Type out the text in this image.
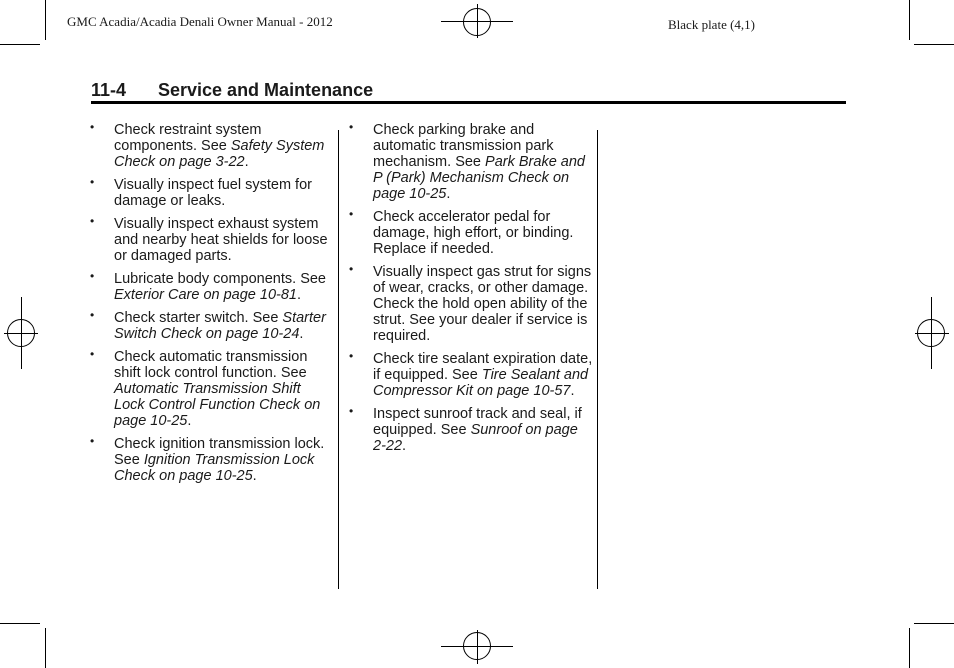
GMC Acadia/Acadia Denali Owner Manual - 2012	Black plate (4,1)
11-4 Service and Maintenance
• Check restraint system components. See Safety System Check on page 3-22.
• Visually inspect fuel system for damage or leaks.
• Visually inspect exhaust system and nearby heat shields for loose or damaged parts.
• Lubricate body components. See Exterior Care on page 10-81.
• Check starter switch. See Starter Switch Check on page 10-24.
• Check automatic transmission shift lock control function. See Automatic Transmission Shift Lock Control Function Check on page 10-25.
• Check ignition transmission lock. See Ignition Transmission Lock Check on page 10-25.
• Check parking brake and automatic transmission park mechanism. See Park Brake and P (Park) Mechanism Check on page 10-25.
• Check accelerator pedal for damage, high effort, or binding. Replace if needed.
• Visually inspect gas strut for signs of wear, cracks, or other damage. Check the hold open ability of the strut. See your dealer if service is required.
• Check tire sealant expiration date, if equipped. See Tire Sealant and Compressor Kit on page 10-57.
• Inspect sunroof track and seal, if equipped. See Sunroof on page 2-22.
